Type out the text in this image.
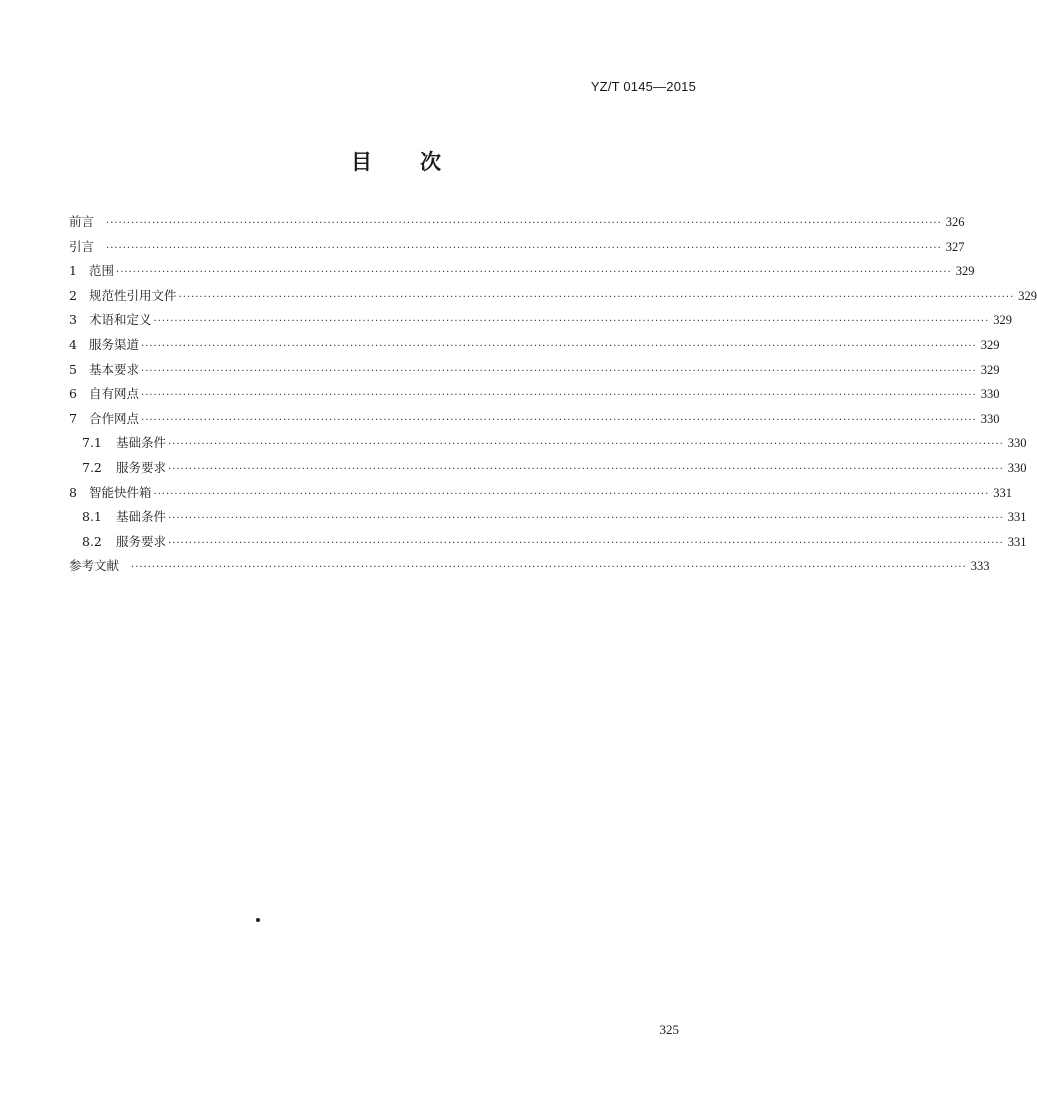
YZ/T 0145—2015
目次
前言 ········································································································································································································ 326
引言 ········································································································································································································ 327
1 范围 ········································································································································································································ 329
2 规范性引用文件 ········································································································································································································ 329
3 术语和定义 ········································································································································································································ 329
4 服务渠道 ········································································································································································································ 329
5 基本要求 ········································································································································································································ 329
6 自有网点 ········································································································································································································ 330
7 合作网点 ········································································································································································································ 330
7.1	基础条件 ········································································································································································································ 330
7.2	服务要求 ········································································································································································································ 330
8 智能快件箱 ········································································································································································································ 331
8.1	基础条件 ········································································································································································································ 331
8.2	服务要求 ········································································································································································································ 331
参考文献 ········································································································································································································ 333
325
